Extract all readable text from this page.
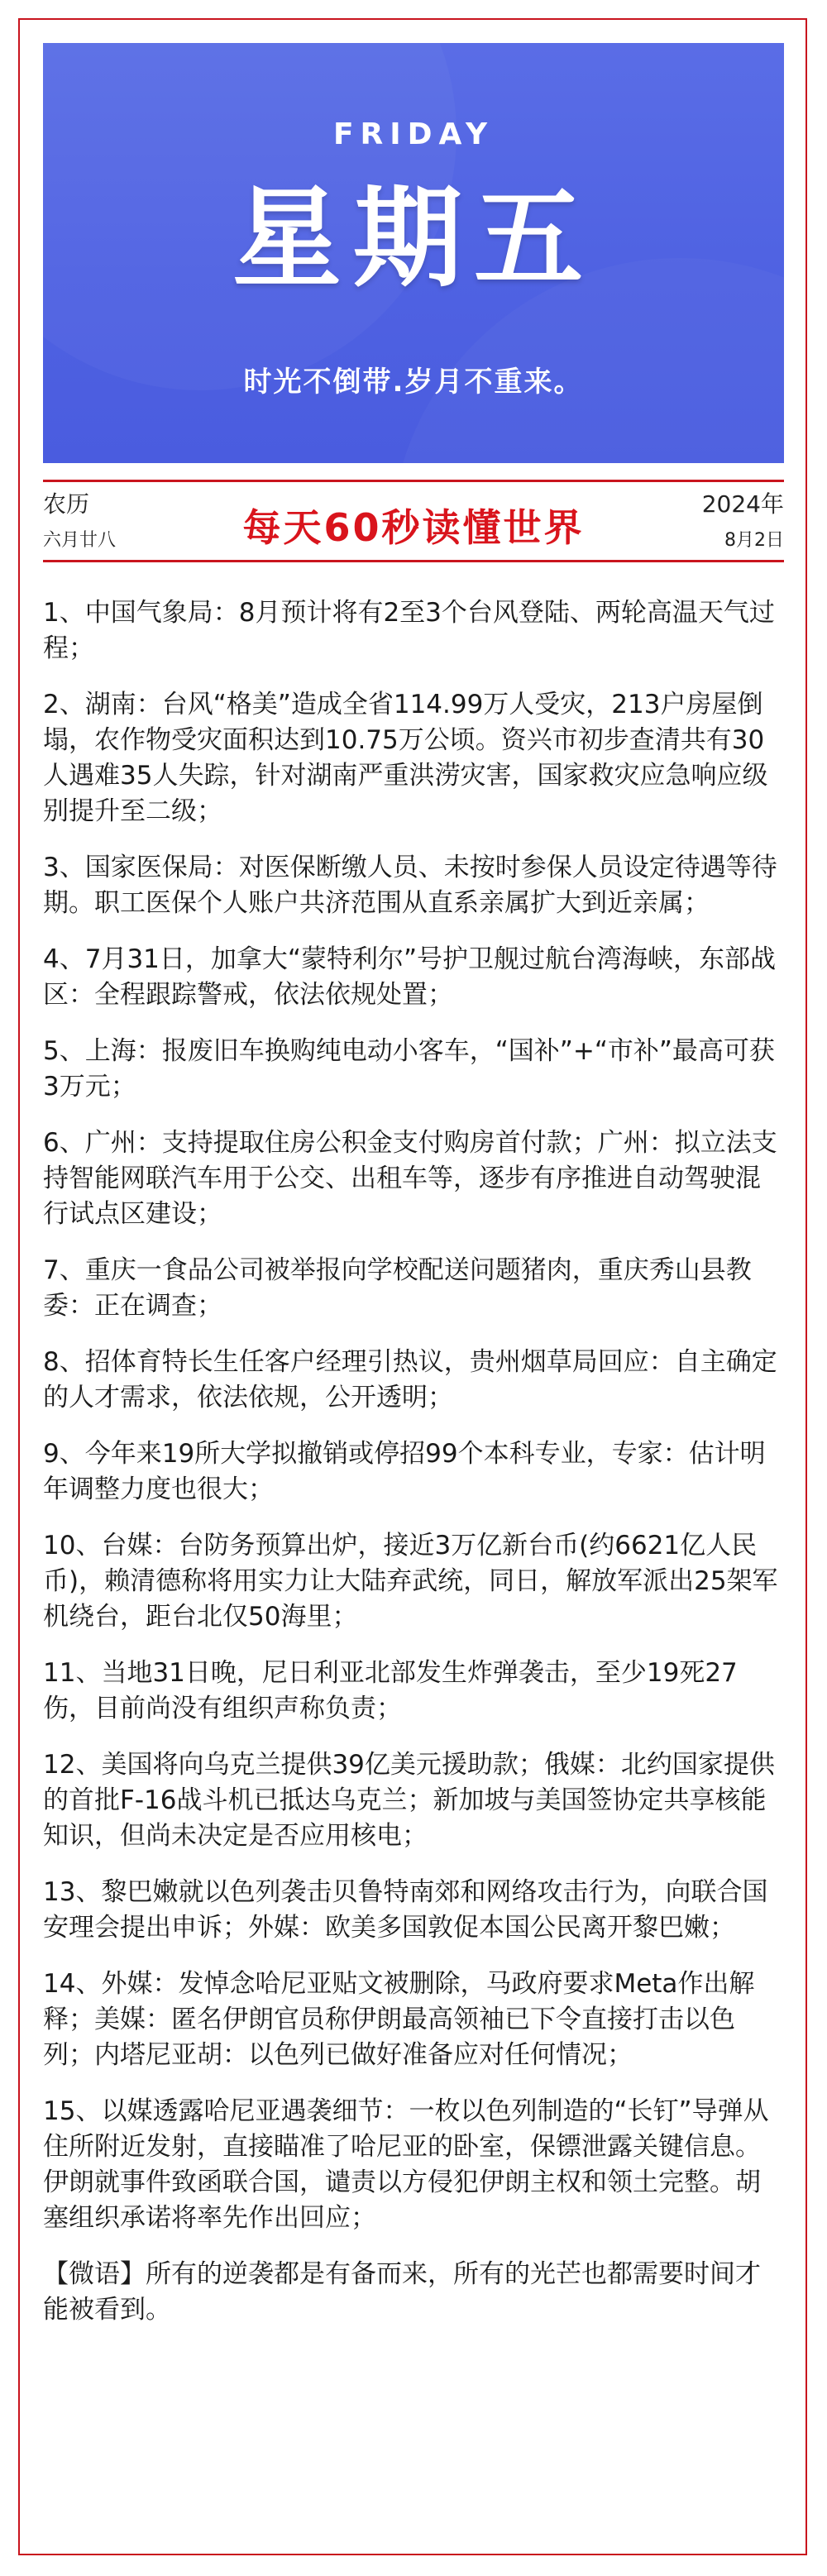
FRIDAY
星期五
时光不倒带.岁月不重来。
农历
六月廿八	每天60秒读懂世界
2024年
8月2日
1、中国气象局：8月预计将有2至3个台风登陆、两轮高温天气过程；
2、湖南：台风“格美”造成全省114.99万人受灾，213户房屋倒塌，农作物受灾面积达到10.75万公顷。资兴市初步查清共有30人遇难35人失踪，针对湖南严重洪涝灾害，国家救灾应急响应级别提升至二级；
3、国家医保局：对医保断缴人员、未按时参保人员设定待遇等待期。职工医保个人账户共济范围从直系亲属扩大到近亲属；
4、7月31日，加拿大“蒙特利尔”号护卫舰过航台湾海峡，东部战区：全程跟踪警戒，依法依规处置；
5、上海：报废旧车换购纯电动小客车，“国补”+“市补”最高可获3万元；
6、广州：支持提取住房公积金支付购房首付款；广州：拟立法支持智能网联汽车用于公交、出租车等，逐步有序推进自动驾驶混行试点区建设；
7、重庆一食品公司被举报向学校配送问题猪肉，重庆秀山县教委：正在调查；
8、招体育特长生任客户经理引热议，贵州烟草局回应：自主确定的人才需求，依法依规，公开透明；
9、今年来19所大学拟撤销或停招99个本科专业，专家：估计明年调整力度也很大；
10、台媒：台防务预算出炉，接近3万亿新台币(约6621亿人民币)，赖清德称将用实力让大陆弃武统，同日，解放军派出25架军机绕台，距台北仅50海里；
11、当地31日晚，尼日利亚北部发生炸弹袭击，至少19死27伤，目前尚没有组织声称负责；
12、美国将向乌克兰提供39亿美元援助款；俄媒：北约国家提供的首批F-16战斗机已抵达乌克兰；新加坡与美国签协定共享核能知识，但尚未决定是否应用核电；
13、黎巴嫩就以色列袭击贝鲁特南郊和网络攻击行为，向联合国安理会提出申诉；外媒：欧美多国敦促本国公民离开黎巴嫩；
14、外媒：发悼念哈尼亚贴文被删除，马政府要求Meta作出解释；美媒：匿名伊朗官员称伊朗最高领袖已下令直接打击以色列；内塔尼亚胡：以色列已做好准备应对任何情况；
15、以媒透露哈尼亚遇袭细节：一枚以色列制造的“长钉”导弹从住所附近发射，直接瞄准了哈尼亚的卧室，保镖泄露关键信息。伊朗就事件致函联合国，谴责以方侵犯伊朗主权和领土完整。胡塞组织承诺将率先作出回应；
【微语】所有的逆袭都是有备而来，所有的光芒也都需要时间才能被看到。
